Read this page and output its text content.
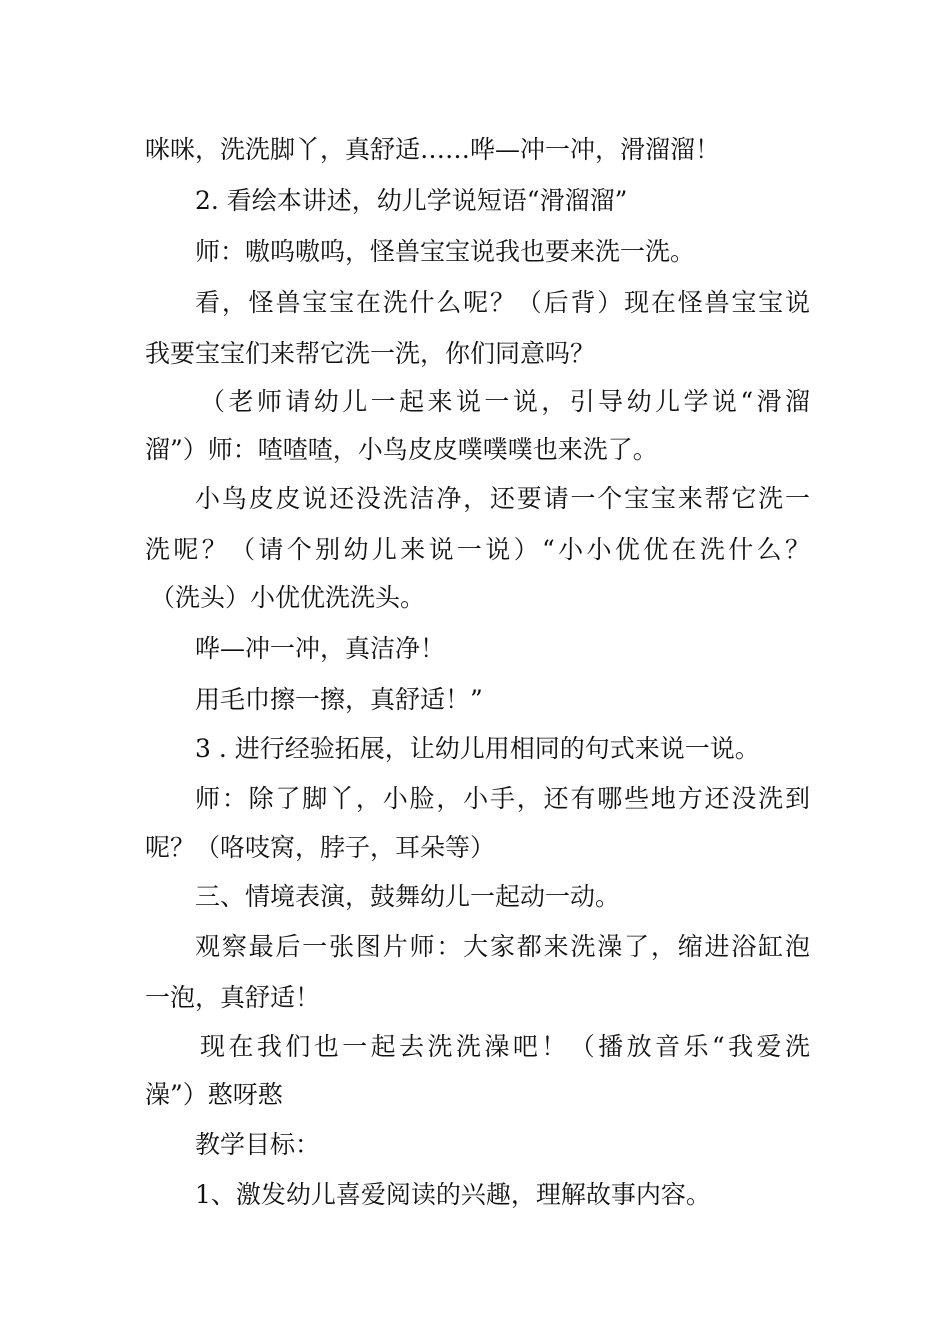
咪咪，洗洗脚丫，真舒适……哗—冲一冲，滑溜溜！
2. 看绘本讲述，幼儿学说短语“滑溜溜”
师：嗷呜嗷呜，怪兽宝宝说我也要来洗一洗。
看，怪兽宝宝在洗什么呢？（后背）现在怪兽宝宝说
我要宝宝们来帮它洗一洗，你们同意吗？
（老师请幼儿一起来说一说，引导幼儿学说“滑溜
溜”）师：喳喳喳，小鸟皮皮噗噗噗也来洗了。
小鸟皮皮说还没洗洁净，还要请一个宝宝来帮它洗一
洗呢？（请个别幼儿来说一说）“小小优优在洗什么？
（洗头）小优优洗洗头。
哗—冲一冲，真洁净！
用毛巾擦一擦，真舒适！”
3 . 进行经验拓展，让幼儿用相同的句式来说一说。
师：除了脚丫，小脸，小手，还有哪些地方还没洗到
呢？（咯吱窝，脖子，耳朵等）
三、情境表演，鼓舞幼儿一起动一动。
观察最后一张图片师：大家都来洗澡了，缩进浴缸泡
一泡，真舒适！
现在我们也一起去洗洗澡吧！（播放音乐“我爱洗
澡”）憨呀憨
教学目标：
1、激发幼儿喜爱阅读的兴趣，理解故事内容。
